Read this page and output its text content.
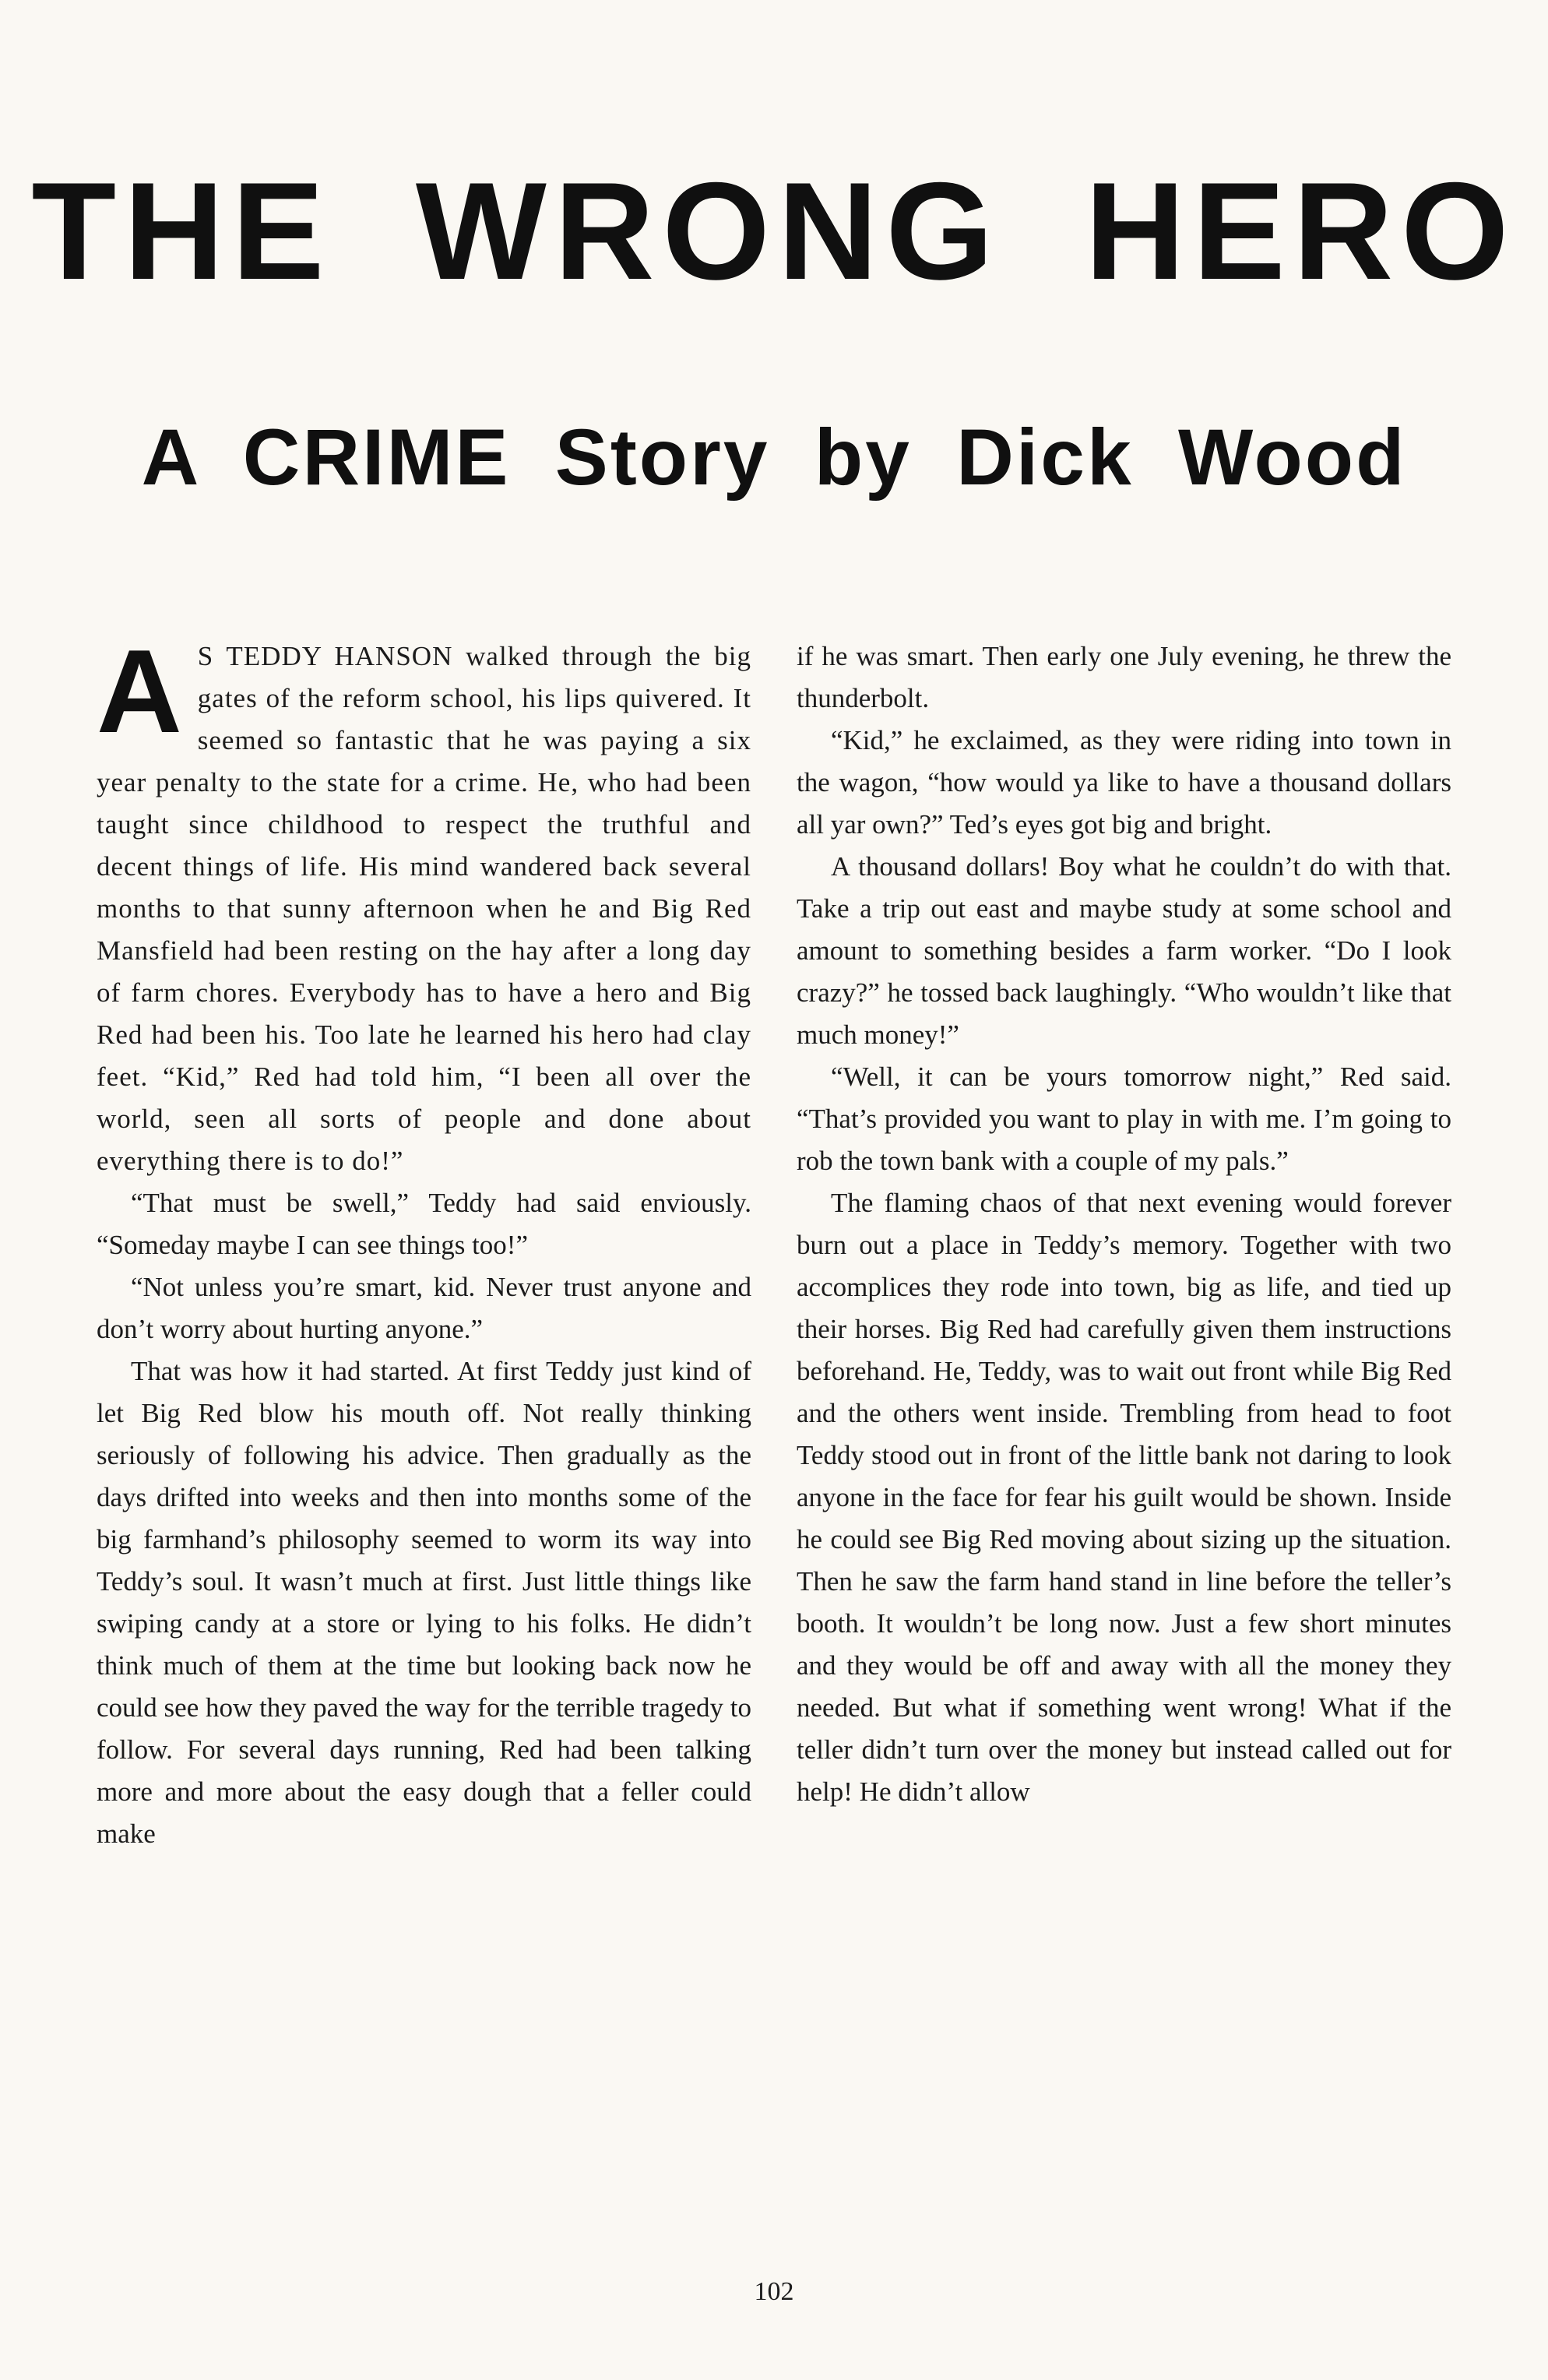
THE WRONG HERO
A CRIME Story by Dick Wood

A S TEDDY HANSON walked through the big gates of the reform school, his lips quivered. It seemed so fantastic that he was paying a six year penalty to the state for a crime. He, who had been taught since childhood to respect the truthful and decent things of life. His mind wandered back several months to that sunny afternoon when he and Big Red Mansfield had been resting on the hay after a long day of farm chores. Everybody has to have a hero and Big Red had been his. Too late he learned his hero had clay feet. “Kid,” Red had told him, “I been all over the world, seen all sorts of people and done about everything there is to do!”

“That must be swell,” Teddy had said enviously. “Someday maybe I can see things too!”

“Not unless you’re smart, kid. Never trust anyone and don’t worry about hurting anyone.”

That was how it had started. At first Teddy just kind of let Big Red blow his mouth off. Not really thinking seriously of following his advice. Then gradually as the days drifted into weeks and then into months some of the big farmhand’s philosophy seemed to worm its way into Teddy’s soul. It wasn’t much at first. Just little things like swiping candy at a store or lying to his folks. He didn’t think much of them at the time but looking back now he could see how they paved the way for the terrible tragedy to follow. For several days running, Red had been talking more and more about the easy dough that a feller could make

if he was smart. Then early one July evening, he threw the thunderbolt.

“Kid,” he exclaimed, as they were riding into town in the wagon, “how would ya like to have a thousand dollars all yar own?” Ted’s eyes got big and bright.

A thousand dollars! Boy what he couldn’t do with that. Take a trip out east and maybe study at some school and amount to something besides a farm worker. “Do I look crazy?” he tossed back laughingly. “Who wouldn’t like that much money!”

“Well, it can be yours tomorrow night,” Red said. “That’s provided you want to play in with me. I’m going to rob the town bank with a couple of my pals.”

The flaming chaos of that next evening would forever burn out a place in Teddy’s memory. Together with two accomplices they rode into town, big as life, and tied up their horses. Big Red had carefully given them instructions beforehand. He, Teddy, was to wait out front while Big Red and the others went inside. Trembling from head to foot Teddy stood out in front of the little bank not daring to look anyone in the face for fear his guilt would be shown. Inside he could see Big Red moving about sizing up the situation. Then he saw the farm hand stand in line before the teller’s booth. It wouldn’t be long now. Just a few short minutes and they would be off and away with all the money they needed. But what if something went wrong! What if the teller didn’t turn over the money but instead called out for help! He didn’t allow

102
